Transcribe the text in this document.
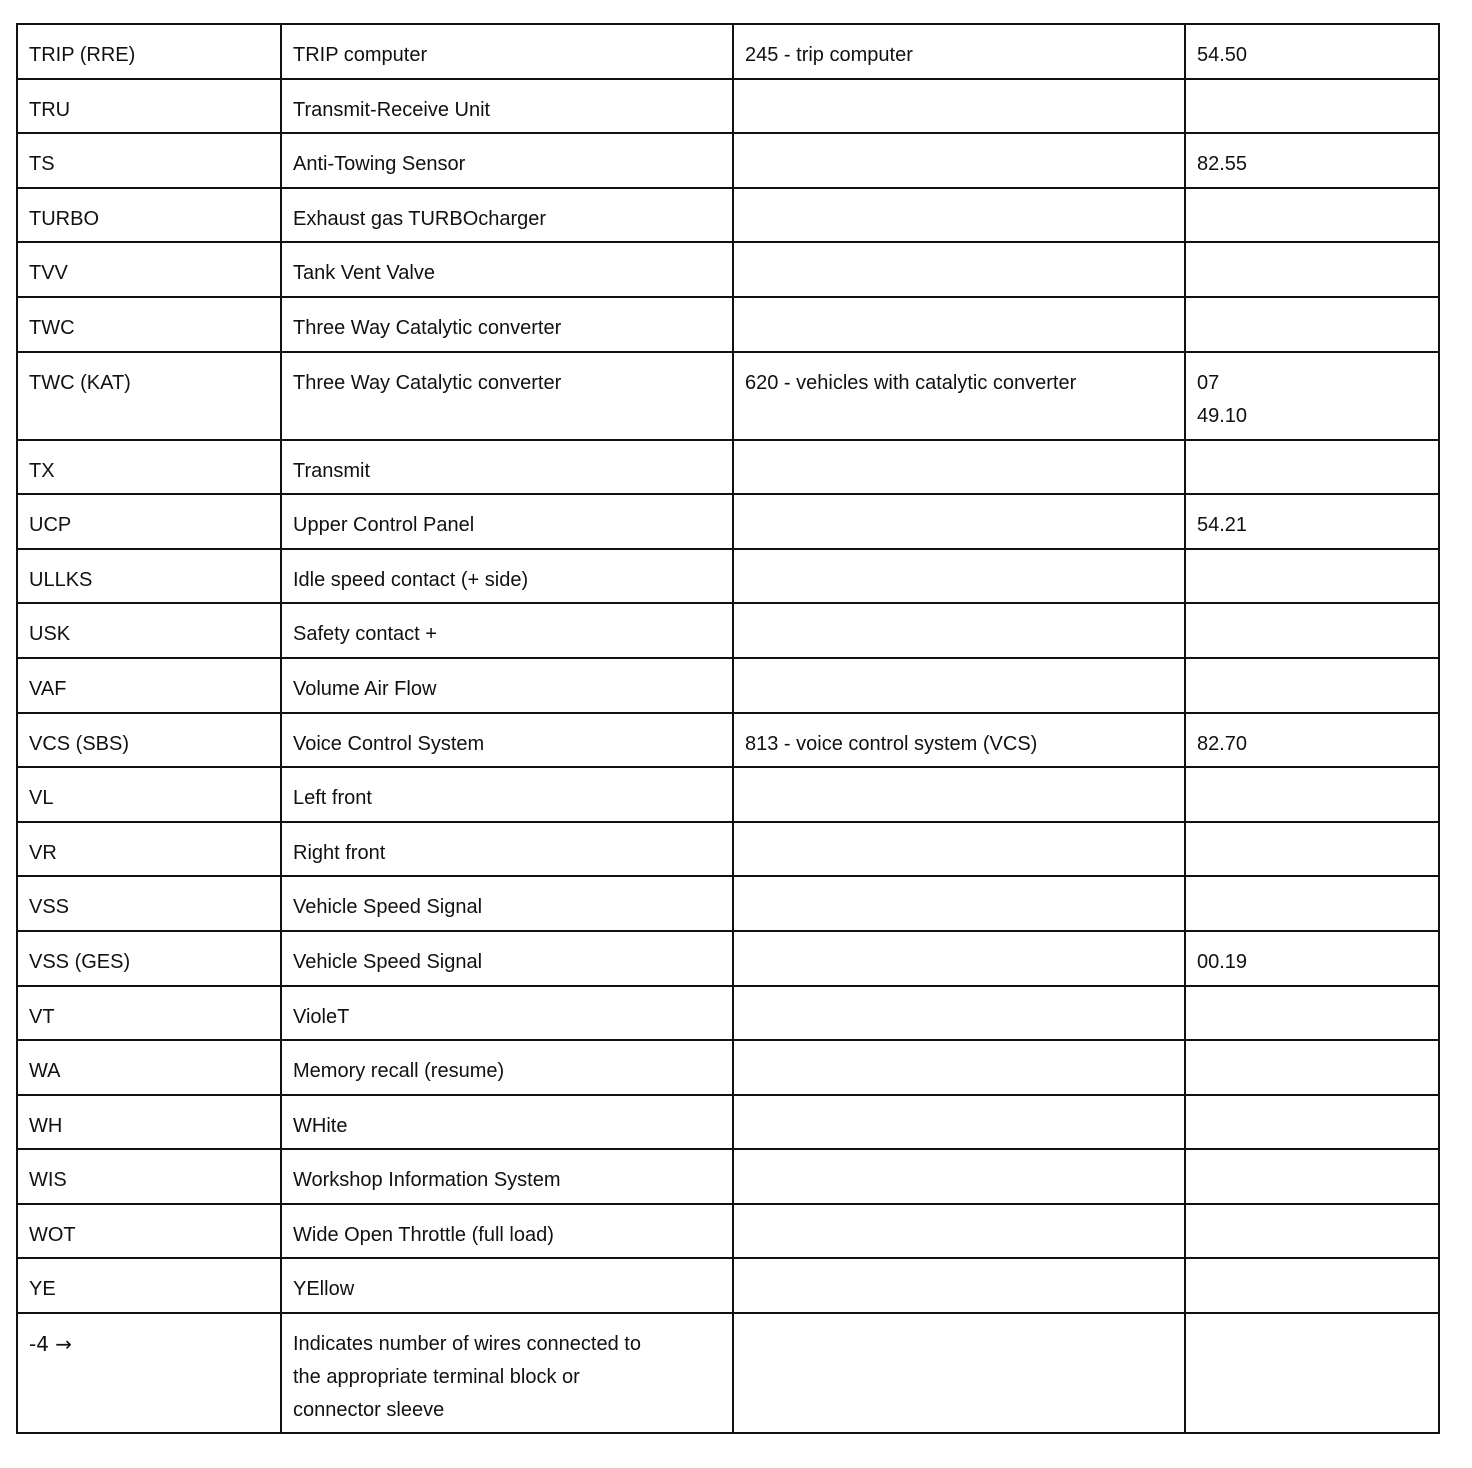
TRIP (RRE)	TRIP computer	245 - trip computer	54.50

TRU	Transmit-Receive Unit		

TS	Anti-Towing Sensor		82.55

TURBO	Exhaust gas TURBOcharger		

TVV	Tank Vent Valve		

TWC	Three Way Catalytic converter		

TWC (KAT)	Three Way Catalytic converter	620 - vehicles with catalytic converter	07
49.10

TX	Transmit		

UCP	Upper Control Panel		54.21

ULLKS	Idle speed contact (+ side)		

USK	Safety contact +		

VAF	Volume Air Flow		

VCS (SBS)	Voice Control System	813 - voice control system (VCS)	82.70

VL	Left front		

VR	Right front		

VSS	Vehicle Speed Signal		

VSS (GES)	Vehicle Speed Signal		00.19

VT	VioleT		

WA	Memory recall (resume)		

WH	WHite		

WIS	Workshop Information System		

WOT	Wide Open Throttle (full load)		

YE	YEllow		

-4 →	Indicates number of wires connected to
the appropriate terminal block or
connector sleeve		
